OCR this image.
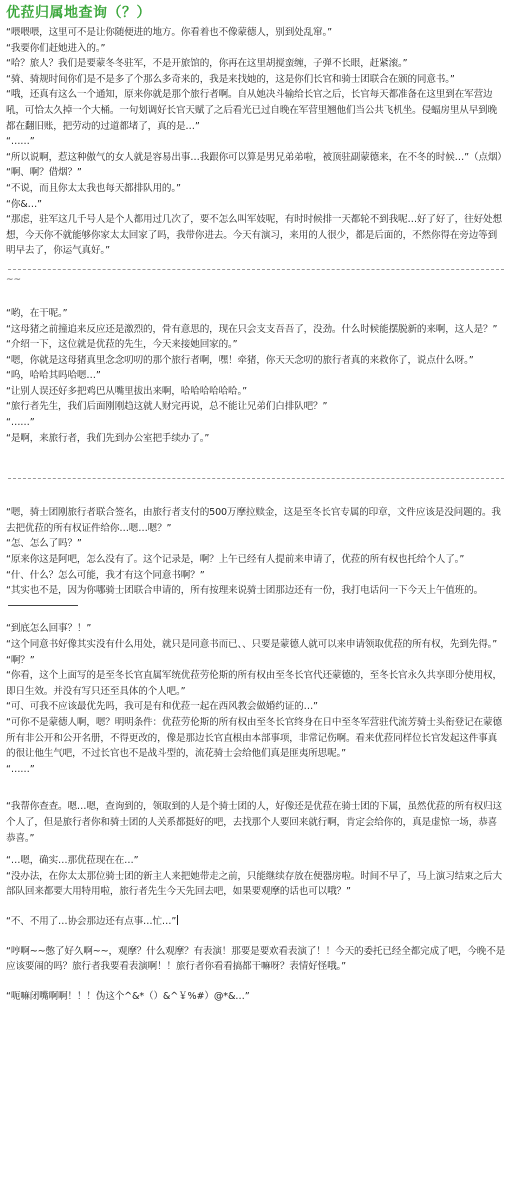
优菈归属地查询（？）

“喂喂喂，这里可不是让你随便进的地方。你看着也不像蒙德人，别到处乱窜。”

“我要你们赶她进入的。”

“哈？旅人？我们是要蒙冬冬驻军，不是开旅馆的，你再在这里胡搅蛮缠，子弹不长眼，赶紧滚。”

“骑、骑规时间你们是不是多了个那么多奇来的，我是来找她的，这是你们长官和骑士团联合在颁的同意书。”

“哦，还真有这么一个通知，原来你就是那个旅行者啊。自从她决斗输给长官之后，长官每天都准备在这里到在军营边吼，可恰太久掉一个大桶。一句划调好长官天赋了之后看光已过自晚在军营里翘他们当公共飞机坐。侵蝠房里从早到晚都在翻旧账，把劳动的过道都堵了，真的是…”

“……”

“所以说啊，惹这种傲气的女人就是容易出事…我跟你可以算是男兄弟弟啦，被顶驻副蒙德来，在不冬的时候…”（点烟）

“啊、啊？借烟？”

“不说，而且你太太我也每天都排队用的。”

“你&…”

“那虑，驻军这几千号人是个人都用过几次了，要不怎么叫军妓呢，有时时候排一天都轮不到我呢…好了好了，往好处想想，今天你不就能够你家太太回家了吗，我带你进去。今天有演习，来用的人很少，都是后面的，不然你得在旁边等到明早去了，你运气真好。”

~~

“哟，在干呢。”

“这母猪之前撞追来反应还是激烈的，骨有意思的，现在只会支支吾吾了，没劲。什么时候能摆脱新的来啊，这人是？”

“介绍一下，这位就是优菈的先生，今天来接她回家的。”

“嗯，你就是这母猪真里念念叨叨的那个旅行者啊，嘿！牵猪，你天天念叨的旅行者真的来救你了，说点什么呀。”

“呜，哈哈其吗哈嗯…”

“让别人误还好多把鸡巴从嘴里拔出来啊，哈哈哈哈哈哈。”

“旅行者先生，我们后面刚刚趋这就人财完再说，总不能让兄弟们白排队吧？”

“……”

“是啊，来旅行者，我们先到办公室把手续办了。”

“嗯，骑士团刚旅行者联合签名，由旅行者支付的500万摩拉赎金，这是至冬长官专属的印章，文件应该是没问题的。我去把优菈的所有权证件给你…嗯…嗯？”

“怎、怎么了吗？”

“原来你这是阿吧，怎么没有了。这个记录是，啊？上午已经有人提前来申请了，优菈的所有权也托给个人了。”

“什、什么？怎么可能，我才有这个同意书啊？”

“其实也不是，因为你哪骑士团联合申请的，所有按理来说骑士团那边还有一份，我打电话问一下今天上午值班的。

“到底怎么回事？！”

“这个同意书好像其实没有什么用处，就只是同意书而已、、只要是蒙德人就可以来申请领取优菈的所有权，先到先得。”

“啊？”

“你看，这个上面写的是至冬长官直属军统优菈劳伦斯的所有权由至冬长官代还蒙德的，至冬长官永久共享即分使用权，即日生效。并没有写只还至具体的个人吧。”

“可、可我不应该最优先吗，我可是有和优菈一起在西风教会做婚约证的…”

“可你不是蒙德人啊，嗯？明明条件：优菈劳伦斯的所有权由至冬长官终身在日中至冬军营驻代流芳骑士头衔登记在蒙德所有非公开和公开名册，不得更改的，像是那边长官直根由本部事项，非常记伤啊。看来优菈同样位长官发起这件事真的很让他生气吧，不过长官也不是战斗型的，流花骑士会给他们真是匪夷所思呢。”

“……”

“我帮你查查。嗯…嗯，查询到的，领取到的人是个骑士团的人，好像还是优菈在骑士团的下属，虽然优菈的所有权归这个人了，但是旅行者你和骑士团的人关系都挺好的吧，去找那个人要回来就行啊，肯定会给你的，真是虚惊一场，恭喜恭喜。”

“…嗯，确实…那优菈现在在…”

“没办法，在你太太那位骑士团的新主人来把她带走之前，只能继续存放在便器房啦。时间不早了，马上演习结束之后大部队回来都要大用特用啦，旅行者先生今天先回去吧，如果要观摩的话也可以哦？”

“不、不用了…协会那边还有点事…忙…”

“哼啊~~憋了好久啊~~，观摩？什么观摩？有表演！那要是要欢看表演了！！今天的委托已经全都完成了吧，今晚不是应该要闹的吗？旅行者我要看表演啊！！旅行者你看看搞都干嘛呀？表情好怪哦。”

“呃嘛闭嘴啊啊！！！伪这个^&*（）&^￥%#）@*&…”
